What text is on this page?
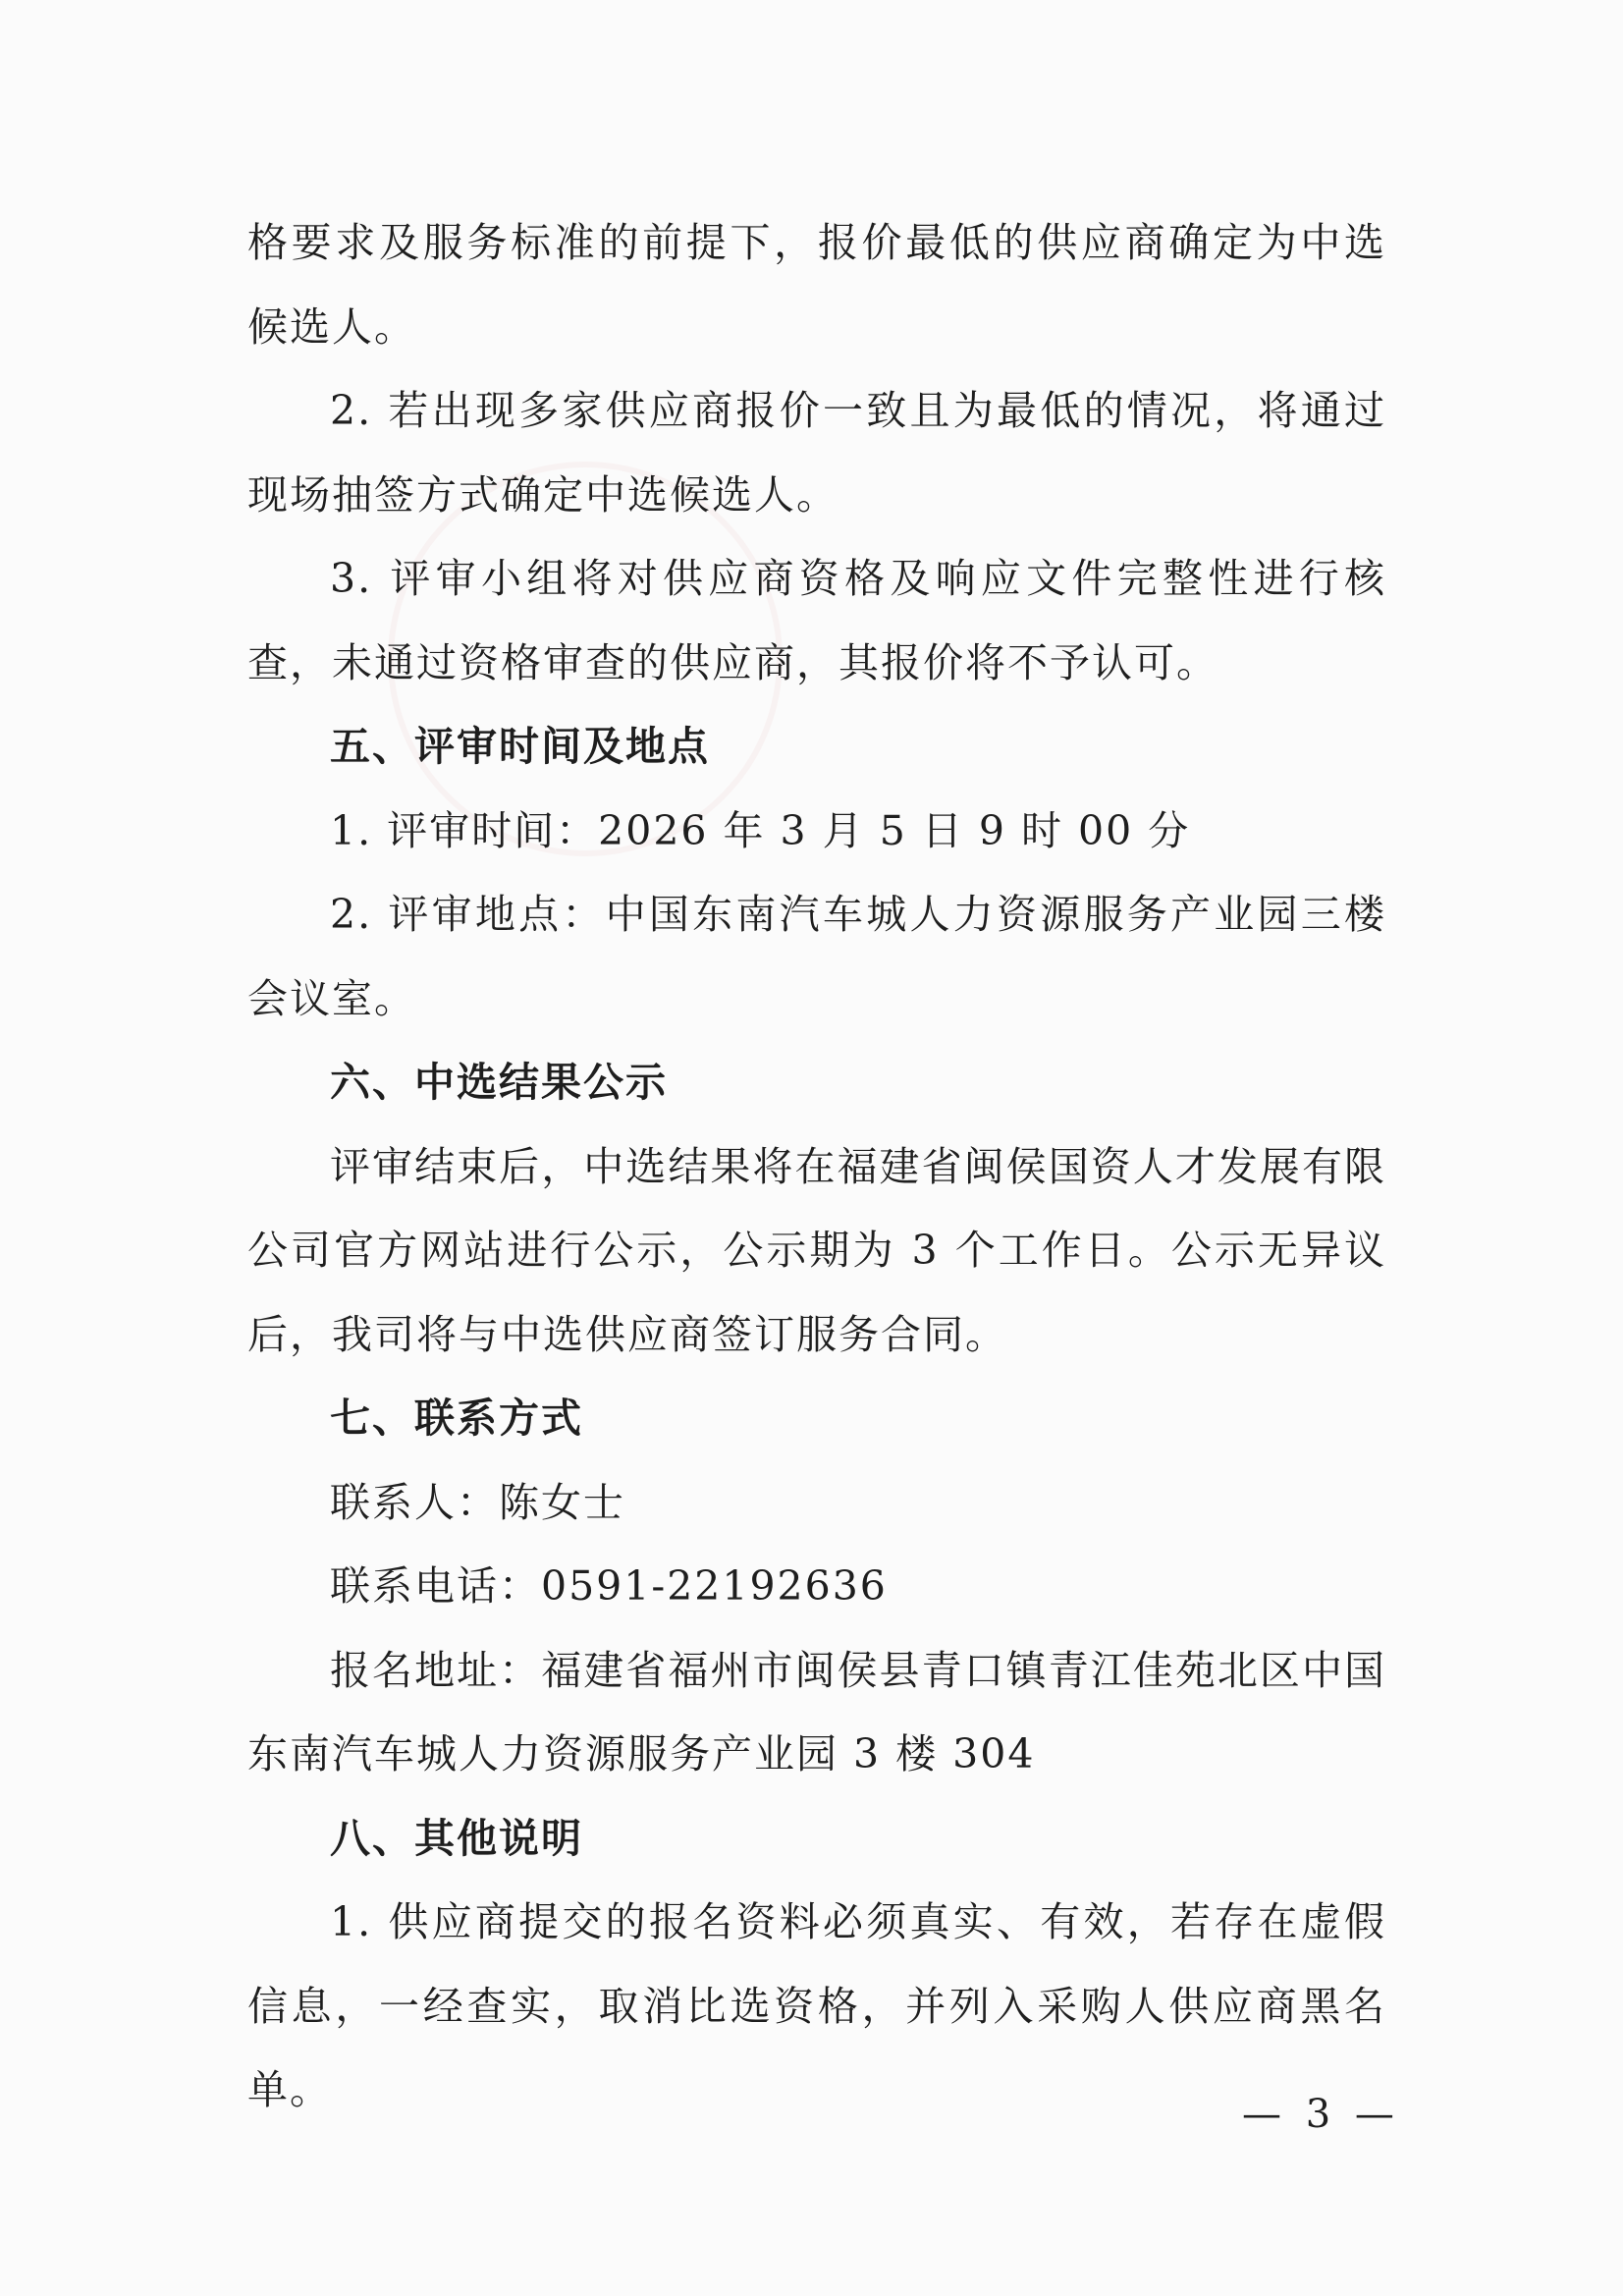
格要求及服务标准的前提下，报价最低的供应商确定为中选候选人。

2. 若出现多家供应商报价一致且为最低的情况，将通过现场抽签方式确定中选候选人。

3. 评审小组将对供应商资格及响应文件完整性进行核查，未通过资格审查的供应商，其报价将不予认可。

五、评审时间及地点

1. 评审时间：2026 年 3 月 5 日 9 时 00 分

2. 评审地点：中国东南汽车城人力资源服务产业园三楼会议室。

六、中选结果公示

评审结束后，中选结果将在福建省闽侯国资人才发展有限公司官方网站进行公示，公示期为 3 个工作日。公示无异议后，我司将与中选供应商签订服务合同。

七、联系方式

联系人：陈女士

联系电话：0591-22192636

报名地址：福建省福州市闽侯县青口镇青江佳苑北区中国东南汽车城人力资源服务产业园 3 楼 304

八、其他说明

1. 供应商提交的报名资料必须真实、有效，若存在虚假信息，一经查实，取消比选资格，并列入采购人供应商黑名单。

— 3 —
